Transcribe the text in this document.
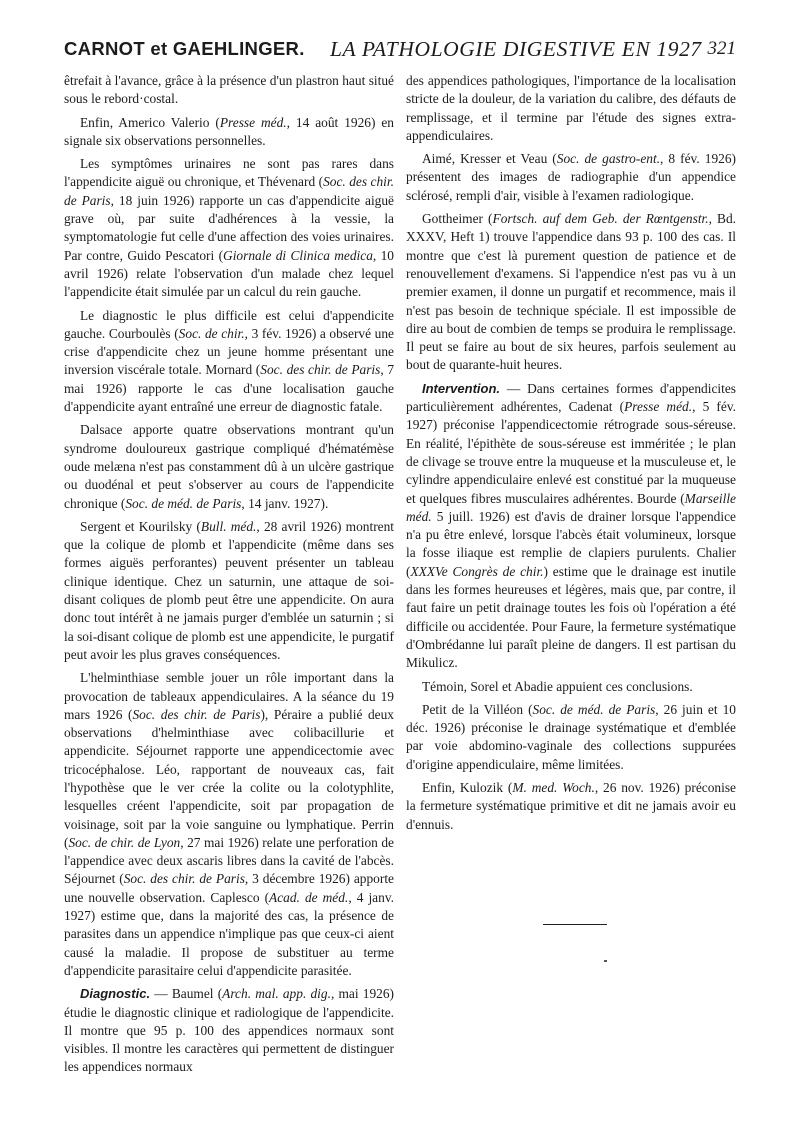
CARNOT et GAEHLINGER. LA PATHOLOGIE DIGESTIVE EN 1927 321

êtrefait à l'avance, grâce à la présence d'un plastron haut situé sous le rebord·costal.

Enfin, Americo Valerio (Presse méd., 14 août 1926) en signale six observations personnelles.

Les symptômes urinaires ne sont pas rares dans l'appendicite aiguë ou chronique, et Thévenard (Soc. des chir. de Paris, 18 juin 1926) rapporte un cas d'appendicite aiguë grave où, par suite d'adhérences à la vessie, la symptomatologie fut celle d'une affection des voies urinaires. Par contre, Guido Pescatori (Giornale di Clinica medica, 10 avril 1926) relate l'observation d'un malade chez lequel l'appendicite était simulée par un calcul du rein gauche.

Le diagnostic le plus difficile est celui d'appendicite gauche. Courboulès (Soc. de chir., 3 fév. 1926) a observé une crise d'appendicite chez un jeune homme présentant une inversion viscérale totale. Mornard (Soc. des chir. de Paris, 7 mai 1926) rapporte le cas d'une localisation gauche d'appendicite ayant entraîné une erreur de diagnostic fatale.

Dalsace apporte quatre observations montrant qu'un syndrome douloureux gastrique compliqué d'hématémèse oude melæna n'est pas constamment dû à un ulcère gastrique ou duodénal et peut s'observer au cours de l'appendicite chronique (Soc. de méd. de Paris, 14 janv. 1927).

Sergent et Kourilsky (Bull. méd., 28 avril 1926) montrent que la colique de plomb et l'appendicite (même dans ses formes aiguës perforantes) peuvent présenter un tableau clinique identique. Chez un saturnin, une attaque de soi-disant coliques de plomb peut être une appendicite. On aura donc tout intérêt à ne jamais purger d'emblée un saturnin ; si la soi-disant colique de plomb est une appendicite, le purgatif peut avoir les plus graves conséquences.

L'helminthiase semble jouer un rôle important dans la provocation de tableaux appendiculaires. A la séance du 19 mars 1926 (Soc. des chir. de Paris), Péraire a publié deux observations d'helminthiase avec colibacillurie et appendicite. Séjournet rapporte une appendicectomie avec tricocéphalose. Léo, rapportant de nouveaux cas, fait l'hypothèse que le ver crée la colite ou la colotyphlite, lesquelles créent l'appendicite, soit par propagation de voisinage, soit par la voie sanguine ou lymphatique. Perrin (Soc. de chir. de Lyon, 27 mai 1926) relate une perforation de l'appendice avec deux ascaris libres dans la cavité de l'abcès. Séjournet (Soc. des chir. de Paris, 3 décembre 1926) apporte une nouvelle observation. Caplesco (Acad. de méd., 4 janv. 1927) estime que, dans la majorité des cas, la présence de parasites dans un appendice n'implique pas que ceux-ci aient causé la maladie. Il propose de substituer au terme d'appendicite parasitaire celui d'appendicite parasitée.

Diagnostic. — Baumel (Arch. mal. app. dig., mai 1926) étudie le diagnostic clinique et radiologique de l'appendicite. Il montre que 95 p. 100 des appendices normaux sont visibles. Il montre les caractères qui permettent de distinguer les appendices normaux

des appendices pathologiques, l'importance de la localisation stricte de la douleur, de la variation du calibre, des défauts de remplissage, et il termine par l'étude des signes extra-appendiculaires.

Aimé, Kresser et Veau (Soc. de gastro-ent., 8 fév. 1926) présentent des images de radiographie d'un appendice sclérosé, rempli d'air, visible à l'examen radiologique.

Gottheimer (Fortsch. auf dem Geb. der Rœntgenstr., Bd. XXXV, Heft 1) trouve l'appendice dans 93 p. 100 des cas. Il montre que c'est là purement question de patience et de renouvellement d'examens. Si l'appendice n'est pas vu à un premier examen, il donne un purgatif et recommence, mais il n'est pas besoin de technique spéciale. Il est impossible de dire au bout de combien de temps se produira le remplissage. Il peut se faire au bout de six heures, parfois seulement au bout de quarante-huit heures.

Intervention. — Dans certaines formes d'appendicites particulièrement adhérentes, Cadenat (Presse méd., 5 fév. 1927) préconise l'appendicectomie rétrograde sous-séreuse. En réalité, l'épithète de sous-séreuse est imméritée ; le plan de clivage se trouve entre la muqueuse et la musculeuse et, le cylindre appendiculaire enlevé est constitué par la muqueuse et quelques fibres musculaires adhérentes. Bourde (Marseille méd. 5 juill. 1926) est d'avis de drainer lorsque l'appendice n'a pu être enlevé, lorsque l'abcès était volumineux, lorsque la fosse iliaque est remplie de clapiers purulents. Chalier (XXXVe Congrès de chir.) estime que le drainage est inutile dans les formes heureuses et légères, mais que, par contre, il faut faire un petit drainage toutes les fois où l'opération a été difficile ou accidentée. Pour Faure, la fermeture systématique d'Ombrédanne lui paraît pleine de dangers. Il est partisan du Mikulicz.

Témoin, Sorel et Abadie appuient ces conclusions.

Petit de la Villéon (Soc. de méd. de Paris, 26 juin et 10 déc. 1926) préconise le drainage systématique et d'emblée par voie abdomino-vaginale des collections suppurées d'origine appendiculaire, même limitées.

Enfin, Kulozik (M. med. Woch., 26 nov. 1926) préconise la fermeture systématique primitive et dit ne jamais avoir eu d'ennuis.
